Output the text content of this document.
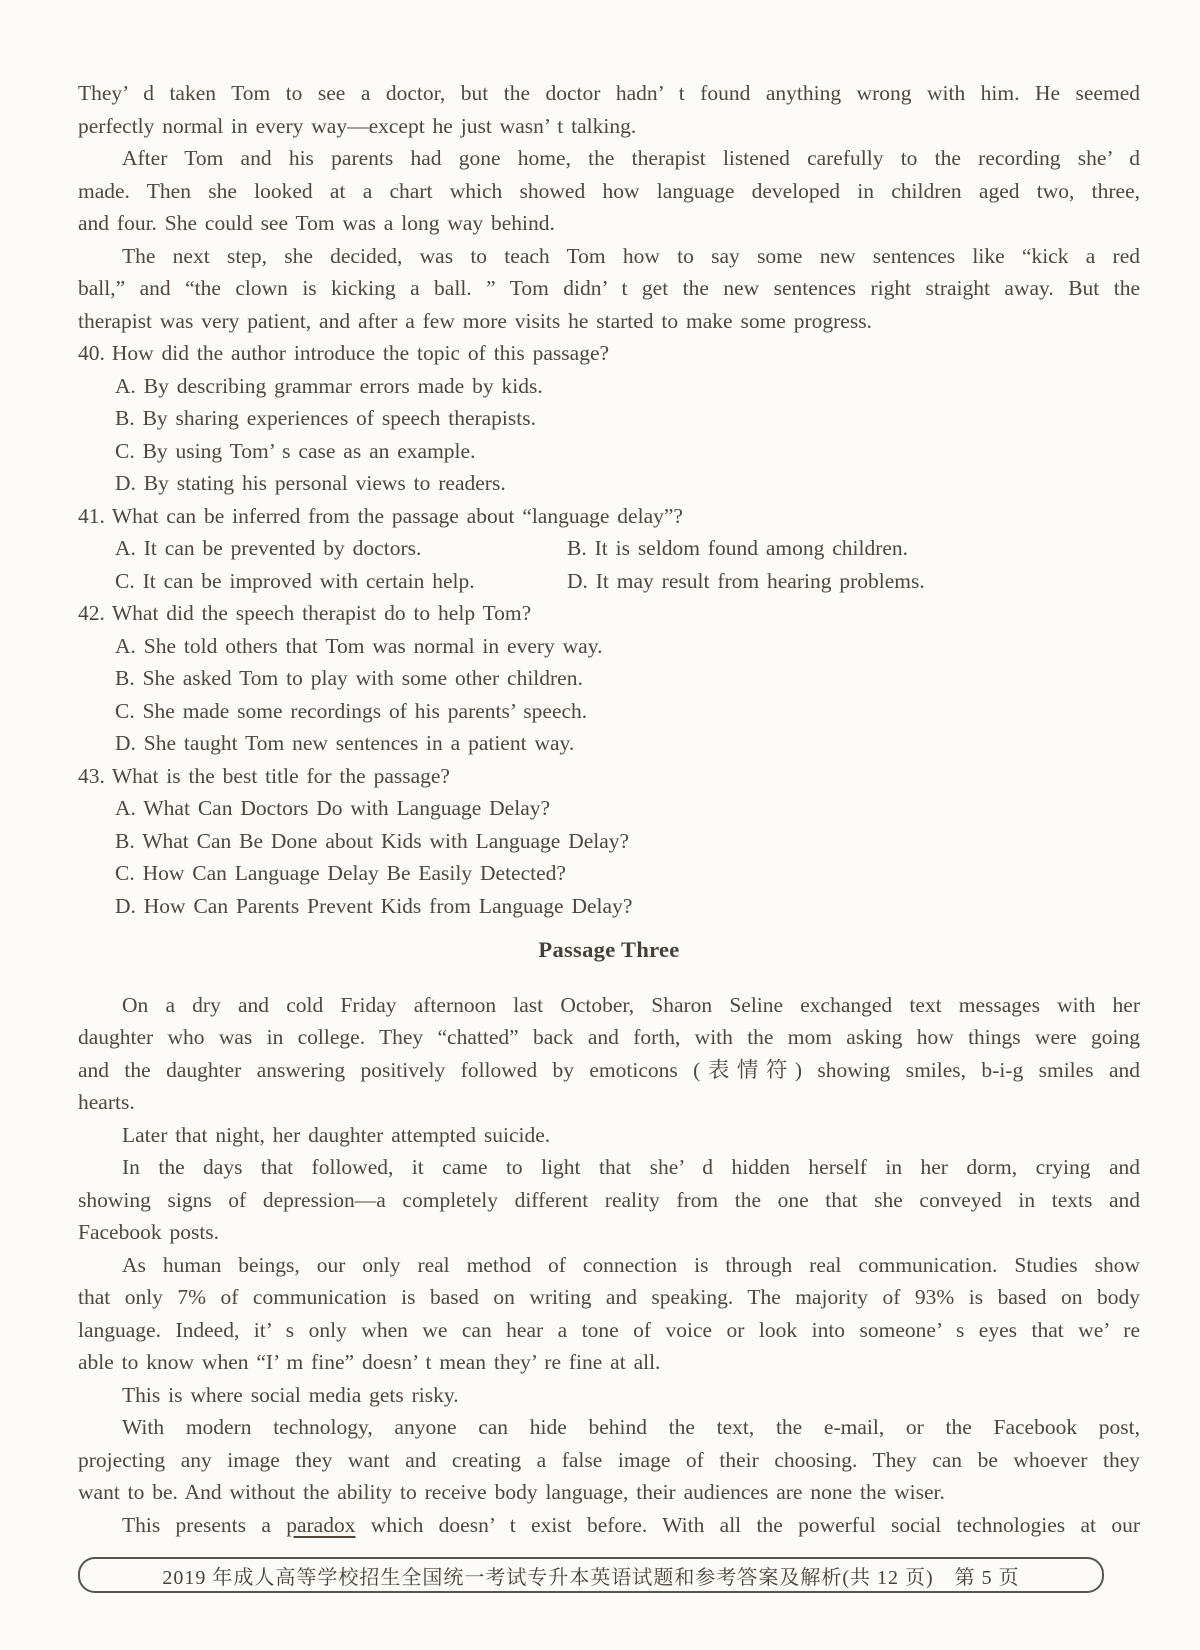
They’ d taken Tom to see a doctor, but the doctor hadn’ t found anything wrong with him. He seemed
perfectly normal in every way—except he just wasn’ t talking.
After Tom and his parents had gone home, the therapist listened carefully to the recording she’ d
made. Then she looked at a chart which showed how language developed in children aged two, three,
and four. She could see Tom was a long way behind.
The next step, she decided, was to teach Tom how to say some new sentences like “kick a red
ball,” and “the clown is kicking a ball. ” Tom didn’ t get the new sentences right straight away. But the
therapist was very patient, and after a few more visits he started to make some progress.
40. How did the author introduce the topic of this passage?
A. By describing grammar errors made by kids.
B. By sharing experiences of speech therapists.
C. By using Tom’ s case as an example.
D. By stating his personal views to readers.
41. What can be inferred from the passage about “language delay”?
A. It can be prevented by doctors.	B. It is seldom found among children.
C. It can be improved with certain help.	D. It may result from hearing problems.
42. What did the speech therapist do to help Tom?
A. She told others that Tom was normal in every way.
B. She asked Tom to play with some other children.
C. She made some recordings of his parents’ speech.
D. She taught Tom new sentences in a patient way.
43. What is the best title for the passage?
A. What Can Doctors Do with Language Delay?
B. What Can Be Done about Kids with Language Delay?
C. How Can Language Delay Be Easily Detected?
D. How Can Parents Prevent Kids from Language Delay?
Passage Three
On a dry and cold Friday afternoon last October, Sharon Seline exchanged text messages with her
daughter who was in college. They “chatted” back and forth, with the mom asking how things were going
and the daughter answering positively followed by emoticons (表情符) showing smiles, b-i-g smiles and
hearts.
Later that night, her daughter attempted suicide.
In the days that followed, it came to light that she’ d hidden herself in her dorm, crying and
showing signs of depression—a completely different reality from the one that she conveyed in texts and
Facebook posts.
As human beings, our only real method of connection is through real communication. Studies show
that only 7% of communication is based on writing and speaking. The majority of 93% is based on body
language. Indeed, it’ s only when we can hear a tone of voice or look into someone’ s eyes that we’ re
able to know when “I’ m fine” doesn’ t mean they’ re fine at all.
This is where social media gets risky.
With modern technology, anyone can hide behind the text, the e-mail, or the Facebook post,
projecting any image they want and creating a false image of their choosing. They can be whoever they
want to be. And without the ability to receive body language, their audiences are none the wiser.
This presents a paradox which doesn’ t exist before. With all the powerful social technologies at our
2019 年成人高等学校招生全国统一考试专升本英语试题和参考答案及解析(共 12 页)　第 5 页
